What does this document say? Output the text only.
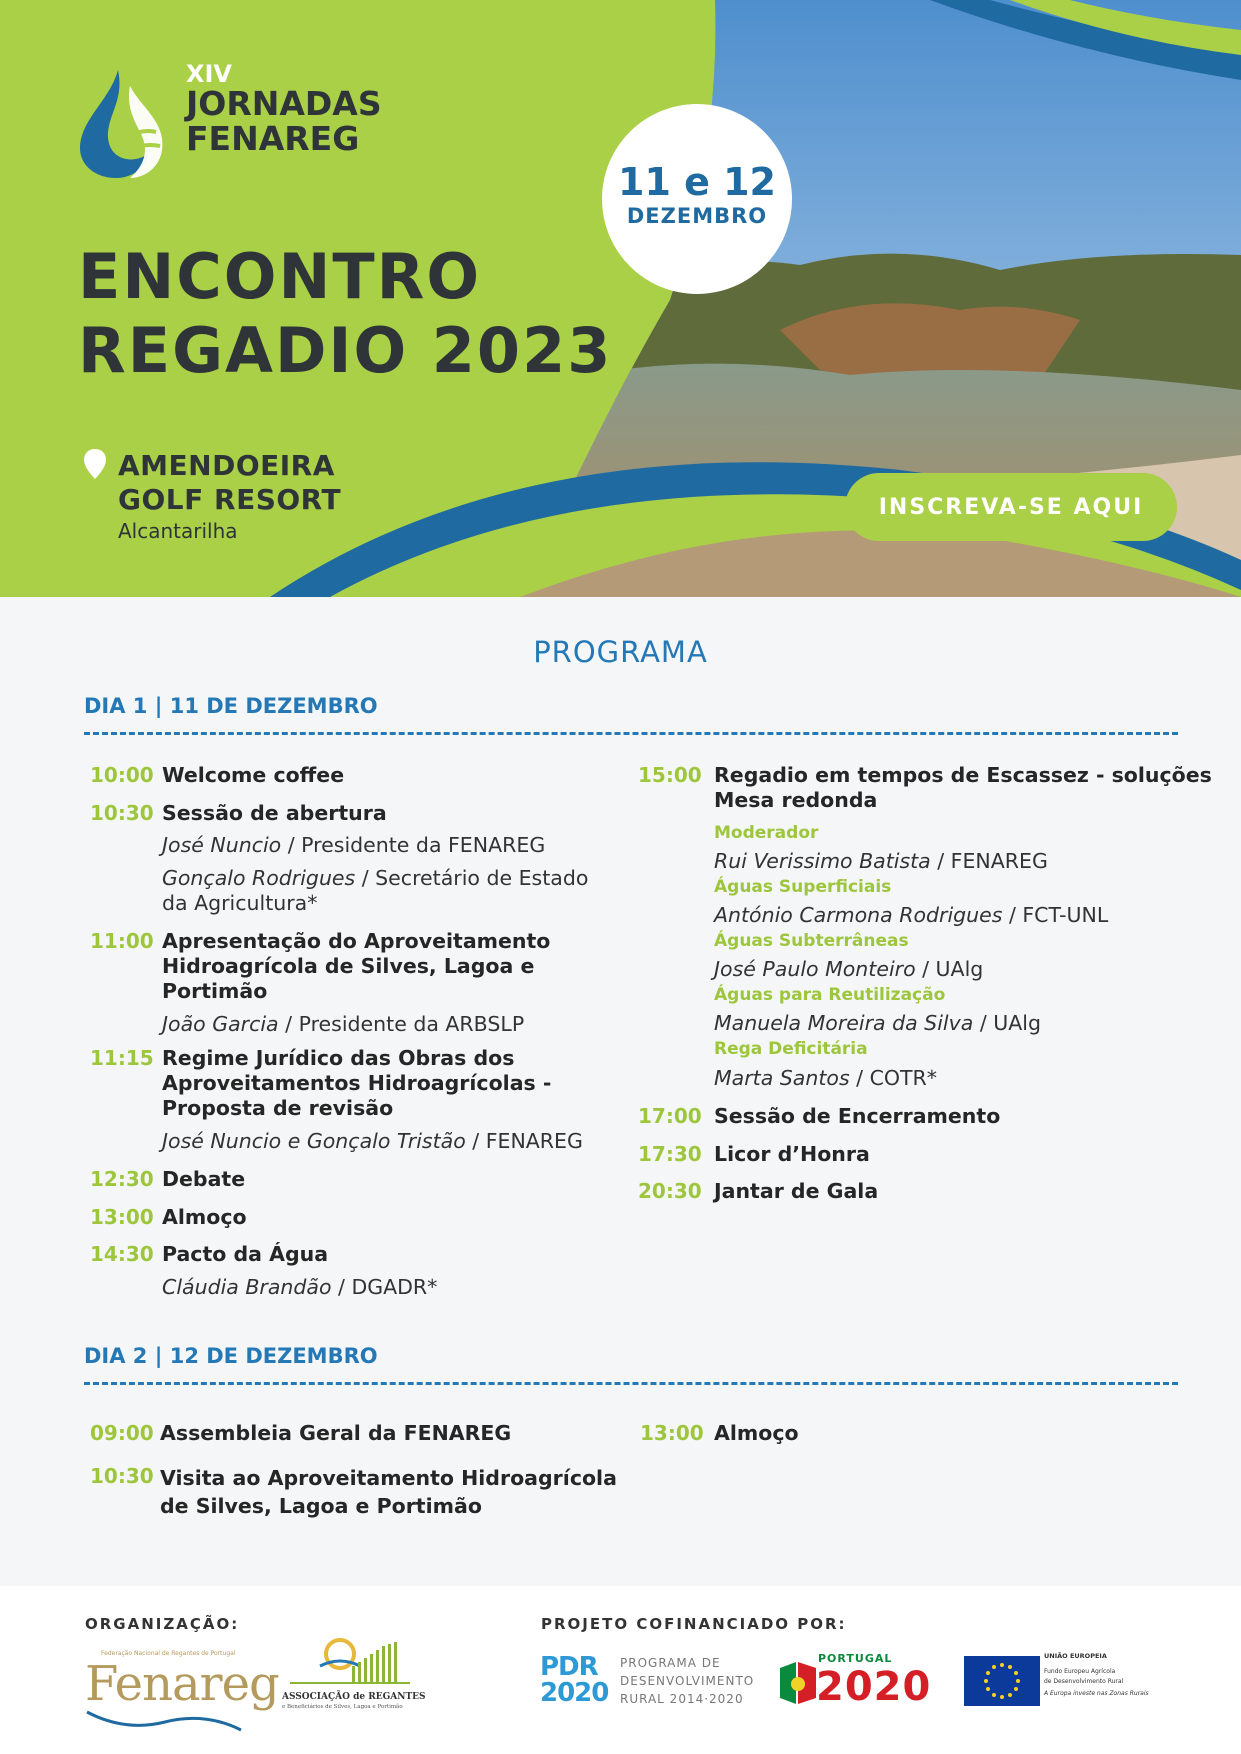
XIV
JORNADAS
FENAREG
ENCONTRO
REGADIO 2023
11 e 12
DEZEMBRO
AMENDOEIRA
GOLF RESORT
Alcantarilha
INSCREVA-SE AQUI
PROGRAMA
DIA 1 | 11 DE DEZEMBRO
10:00 Welcome coffee
10:30 Sessão de abertura
José Nuncio / Presidente da FENAREG
Gonçalo Rodrigues / Secretário de Estado
da Agricultura*
11:00 Apresentação do Aproveitamento
Hidroagrícola de Silves, Lagoa e
Portimão
João Garcia / Presidente da ARBSLP
11:15 Regime Jurídico das Obras dos
Aproveitamentos Hidroagrícolas -
Proposta de revisão
José Nuncio e Gonçalo Tristão / FENAREG
12:30 Debate
13:00 Almoço
14:30 Pacto da Água
Cláudia Brandão / DGADR*
15:00 Regadio em tempos de Escassez - soluções
Mesa redonda
Moderador
Rui Verissimo Batista / FENAREG
Águas Superficiais
António Carmona Rodrigues / FCT-UNL
Águas Subterrâneas
José Paulo Monteiro / UAlg
Águas para Reutilização
Manuela Moreira da Silva / UAlg
Rega Deficitária
Marta Santos / COTR*
17:00 Sessão de Encerramento
17:30 Licor d’Honra
20:30 Jantar de Gala
DIA 2 | 12 DE DEZEMBRO
09:00 Assembleia Geral da FENAREG
10:30 Visita ao Aproveitamento Hidroagrícola
de Silves, Lagoa e Portimão
13:00 Almoço
ORGANIZAÇÃO:	PROJETO COFINANCIADO POR:
Federação Nacional de Regantes de Portugal
Fenareg ASSOCIAÇÃO de REGANTES
e Beneficiários de Silves, Lagoa e Portimão
PDR 2020
PROGRAMA DE
DESENVOLVIMENTO
RURAL 2014·2020
PORTUGAL
2020
UNIÃO EUROPEIA
Fundo Europeu Agrícola
de Desenvolvimento Rural
A Europa investe nas Zonas Rurais
